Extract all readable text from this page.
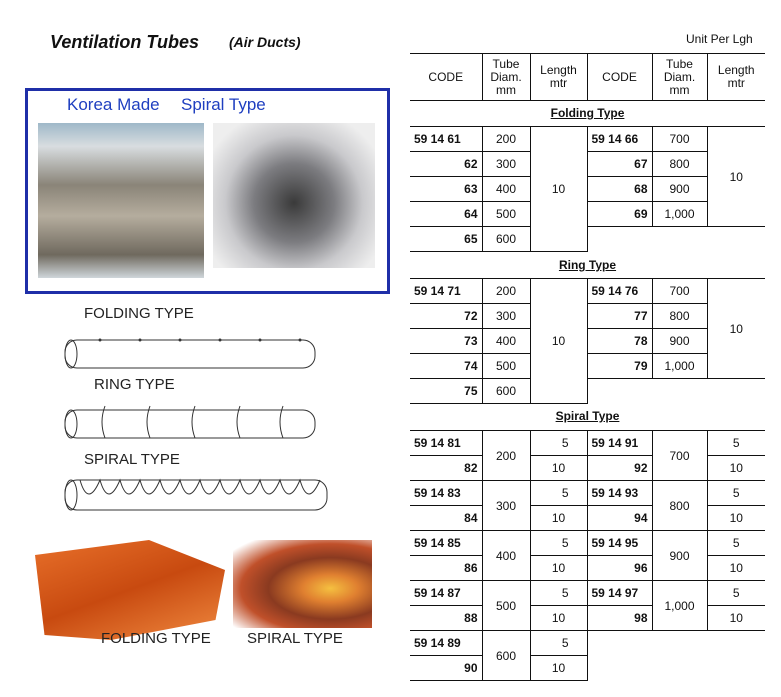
Ventilation Tubes (Air Ducts)
Korea Made Spiral Type
FOLDING TYPE
RING TYPE
SPIRAL TYPE
FOLDING TYPE SPIRAL TYPE
Unit Per Lgh
CODE	Tube
Diam.
mm	Length
mtr	CODE	Tube
Diam.
mm	Length
mtr
Folding Type
59 14 61	200	10	59 14 66	700	10
62	300		67	800	
63	400		68	900	
64	500		69	1,000	
65	600				
Ring Type
59 14 71	200	10	59 14 76	700	10
72	300		77	800	
73	400		78	900	
74	500		79	1,000	
75	600				
Spiral Type
59 14 81	200	5	59 14 91	700	5
82		10	92		10
59 14 83	300	5	59 14 93	800	5
84		10	94		10
59 14 85	400	5	59 14 95	900	5
86		10	96		10
59 14 87	500	5	59 14 97	1,000	5
88		10	98		10
59 14 89	600	5			
90		10			
